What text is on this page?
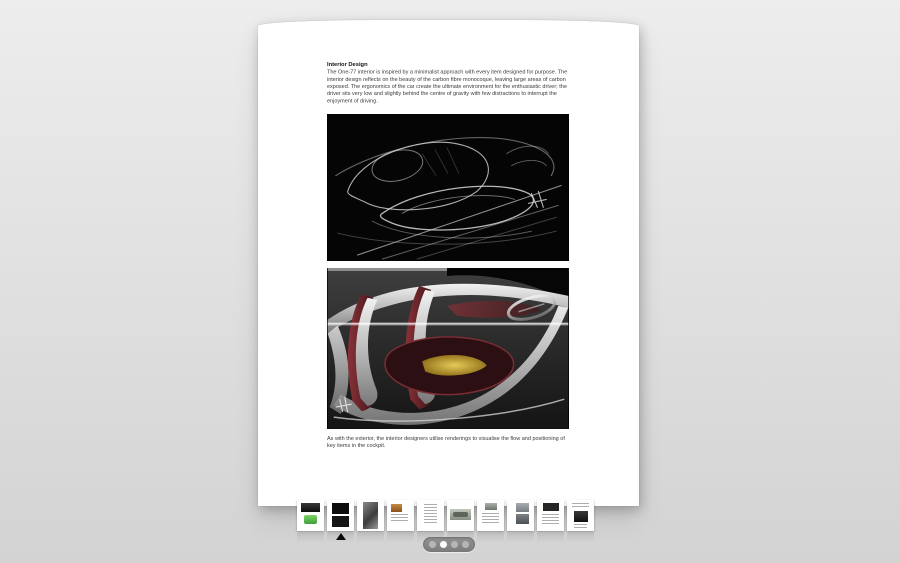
Interior Design

The One-77 interior is inspired by a minimalist approach with every item designed for purpose. The interior design reflects on the beauty of the carbon fibre monocoque, leaving large areas of carbon exposed. The ergonomics of the car create the ultimate environment for the enthusiastic driver; the driver sits very low and slightly behind the centre of gravity with few distractions to interrupt the enjoyment of driving.

As with the exterior, the interior designers utilise renderings to visualise the flow and positioning of key items in the cockpit.
